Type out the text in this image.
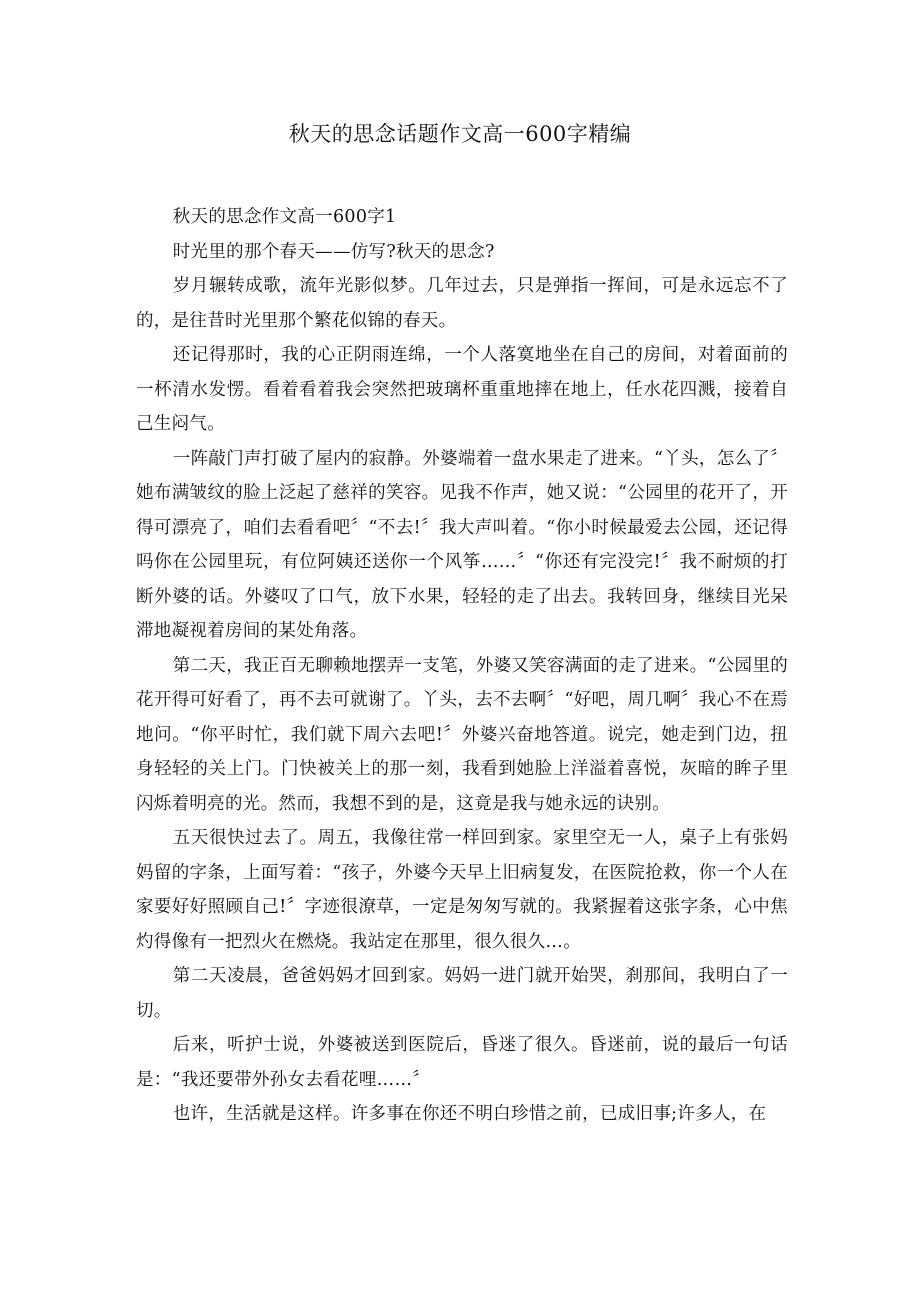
秋天的思念话题作文高一600字精编

秋天的思念作文高一600字1

时光里的那个春天——仿写?秋天的思念?

岁月辗转成歌，流年光影似梦。几年过去，只是弹指一挥间，可是永远忘不了的，是往昔时光里那个繁花似锦的春天。

还记得那时，我的心正阴雨连绵，一个人落寞地坐在自己的房间，对着面前的一杯清水发愣。看着看着我会突然把玻璃杯重重地摔在地上，任水花四溅，接着自己生闷气。

一阵敲门声打破了屋内的寂静。外婆端着一盘水果走了进来。“丫头，怎么了〞她布满皱纹的脸上泛起了慈祥的笑容。见我不作声，她又说：“公园里的花开了，开得可漂亮了，咱们去看看吧〞“不去!〞我大声叫着。“你小时候最爱去公园，还记得吗你在公园里玩，有位阿姨还送你一个风筝……〞“你还有完没完!〞我不耐烦的打断外婆的话。外婆叹了口气，放下水果，轻轻的走了出去。我转回身，继续目光呆滞地凝视着房间的某处角落。

第二天，我正百无聊赖地摆弄一支笔，外婆又笑容满面的走了进来。“公园里的花开得可好看了，再不去可就谢了。丫头，去不去啊〞“好吧，周几啊〞我心不在焉地问。“你平时忙，我们就下周六去吧!〞外婆兴奋地答道。说完，她走到门边，扭身轻轻的关上门。门快被关上的那一刻，我看到她脸上洋溢着喜悦，灰暗的眸子里闪烁着明亮的光。然而，我想不到的是，这竟是我与她永远的诀别。

五天很快过去了。周五，我像往常一样回到家。家里空无一人，桌子上有张妈妈留的字条，上面写着：“孩子，外婆今天早上旧病复发，在医院抢救，你一个人在家要好好照顾自己!〞字迹很潦草，一定是匆匆写就的。我紧握着这张字条，心中焦灼得像有一把烈火在燃烧。我站定在那里，很久很久…。

第二天凌晨，爸爸妈妈才回到家。妈妈一进门就开始哭，刹那间，我明白了一切。

后来，听护士说，外婆被送到医院后，昏迷了很久。昏迷前，说的最后一句话是：“我还要带外孙女去看花哩……〞

也许，生活就是这样。许多事在你还不明白珍惜之前，已成旧事;许多人，在
